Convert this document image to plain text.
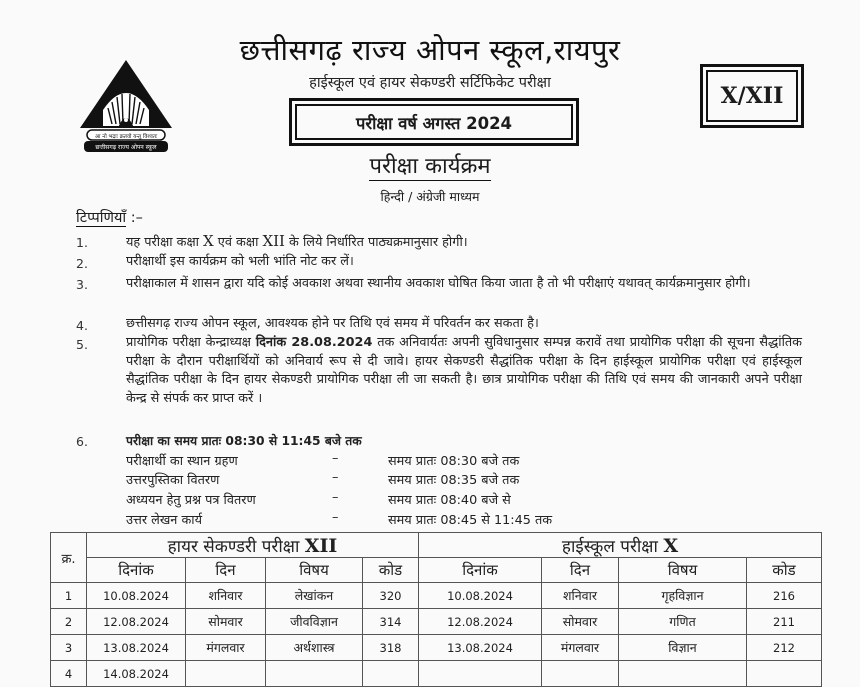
आ नो भद्राः क्रतवो यन्तु विश्वतः
छत्तीसगढ़ राज्य ओपन स्कूल
छत्तीसगढ़ राज्य ओपन स्कूल,रायपुर
हाईस्कूल एवं हायर सेकण्डरी सर्टिफिकेट परीक्षा
परीक्षा वर्ष अगस्त 2024
X/XII
परीक्षा कार्यक्रम
हिन्दी / अंग्रेजी माध्यम
टिप्पणियाँ :–
1.	यह परीक्षा कक्षा X एवं कक्षा XII के लिये निर्धारित पाठ्यक्रमानुसार होगी।
2.	परीक्षार्थी इस कार्यक्रम को भली भांति नोट कर लें।
3.	परीक्षाकाल में शासन द्वारा यदि कोई अवकाश अथवा स्थानीय अवकाश घोषित किया जाता है तो भी परीक्षाएं यथावत् कार्यक्रमानुसार होगी।
4.	छत्तीसगढ़ राज्य ओपन स्कूल, आवश्यक होने पर तिथि एवं समय में परिवर्तन कर सकता है।
5.	प्रायोगिक परीक्षा केन्द्राध्यक्ष दिनांक 28.08.2024 तक अनिवार्यतः अपनी सुविधानुसार सम्पन्न करावें तथा प्रायोगिक परीक्षा की सूचना सैद्धांतिक परीक्षा के दौरान परीक्षार्थियों को अनिवार्य रूप से दी जावे। हायर सेकण्डरी सैद्धांतिक परीक्षा के दिन हाईस्कूल प्रायोगिक परीक्षा एवं हाईस्कूल सैद्धांतिक परीक्षा के दिन हायर सेकण्डरी प्रायोगिक परीक्षा ली जा सकती है। छात्र प्रायोगिक परीक्षा की तिथि एवं समय की जानकारी अपने परीक्षा केन्द्र से संपर्क कर प्राप्त करें ।
6.	परीक्षा का समय प्रातः 08:30 से 11:45 बजे तक
परीक्षार्थी का स्थान ग्रहण	–	समय प्रातः 08:30 बजे तक
उत्तरपुस्तिका वितरण	–	समय प्रातः 08:35 बजे तक
अध्ययन हेतु प्रश्न पत्र वितरण	–	समय प्रातः 08:40 बजे से
उत्तर लेखन कार्य	–	समय प्रातः 08:45 से 11:45 तक
क्र.	हायर सेकण्डरी परीक्षा XII				हाईस्कूल परीक्षा X			
	दिनांक	दिन	विषय	कोड	दिनांक	दिन	विषय	कोड
1	10.08.2024	शनिवार	लेखांकन	320	10.08.2024	शनिवार	गृहविज्ञान	216
2	12.08.2024	सोमवार	जीवविज्ञान	314	12.08.2024	सोमवार	गणित	211
3	13.08.2024	मंगलवार	अर्थशास्त्र	318	13.08.2024	मंगलवार	विज्ञान	212
4	14.08.2024							
